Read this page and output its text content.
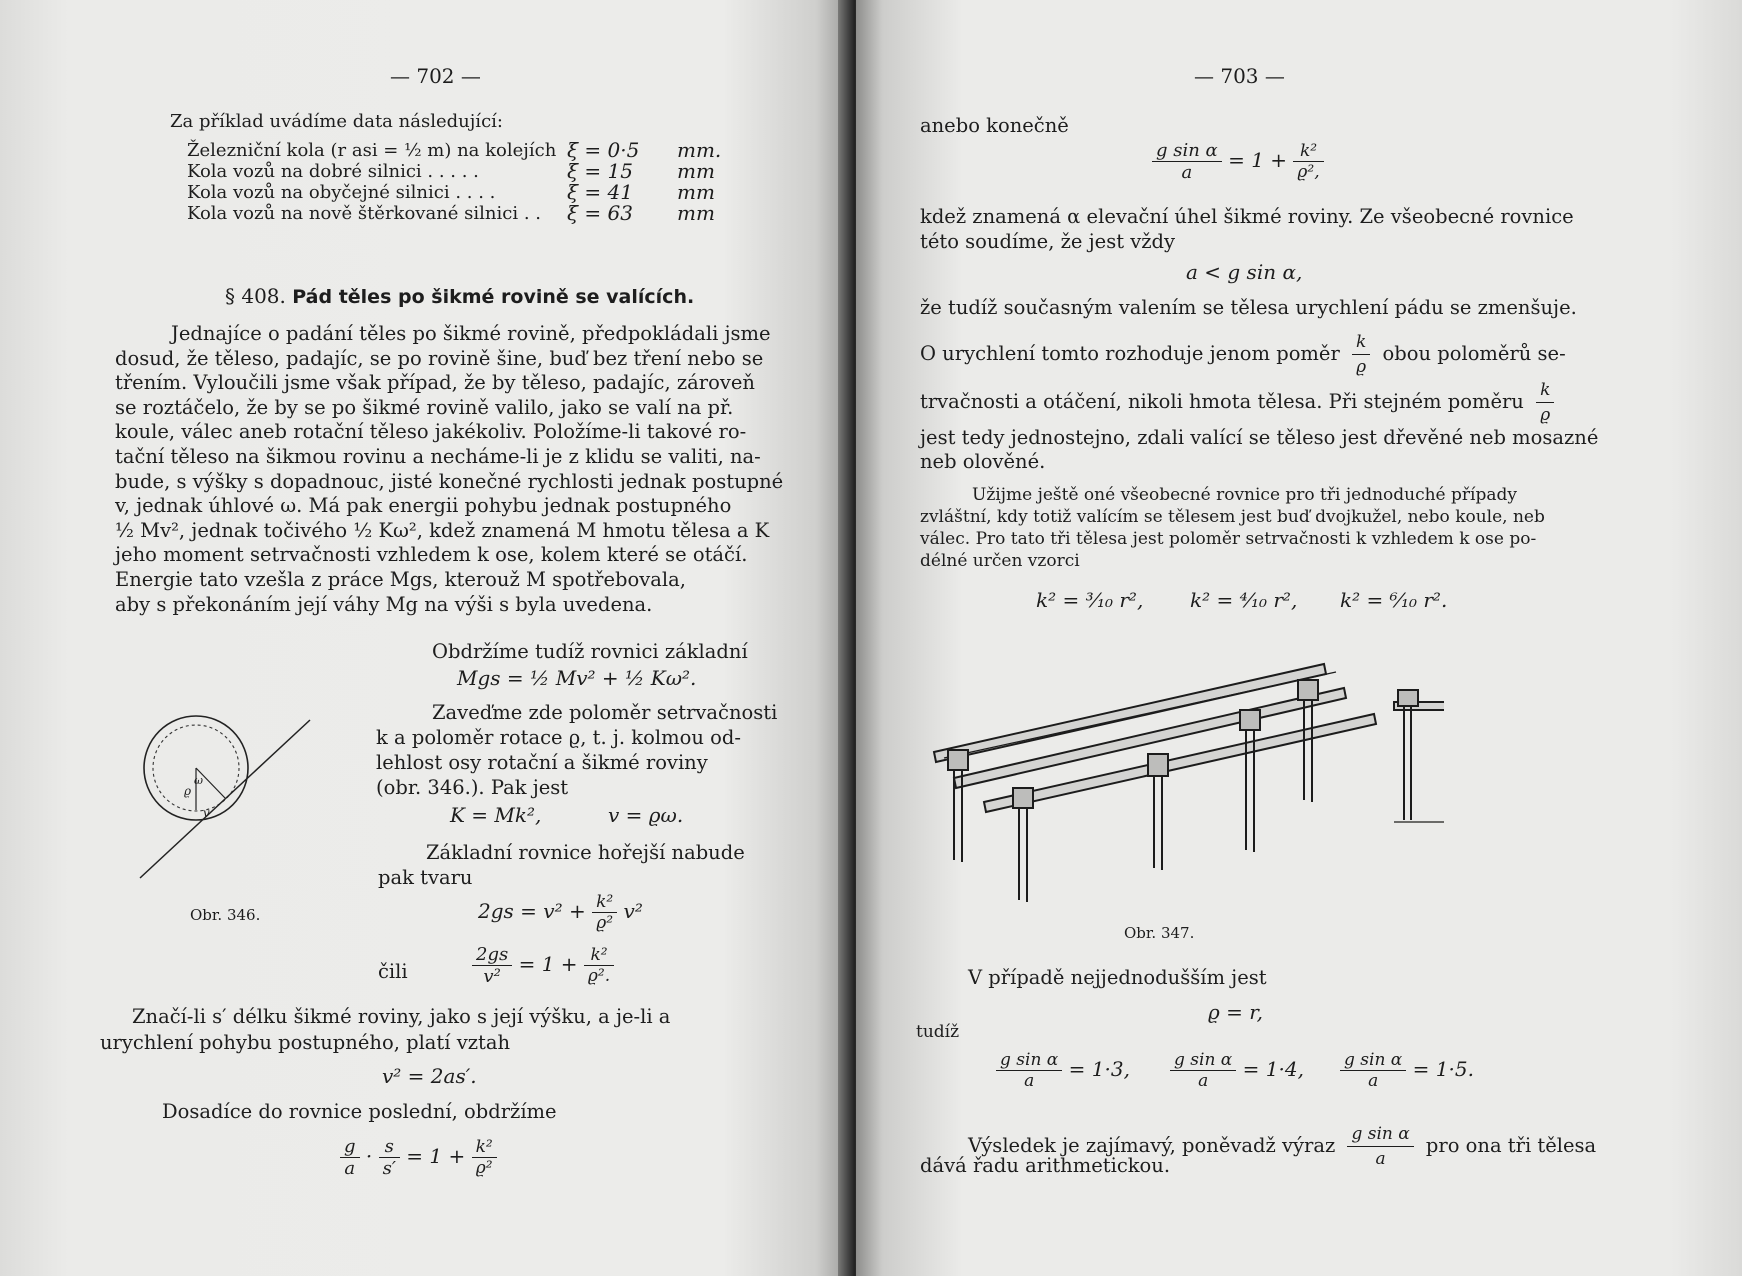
— 702 —
Za příklad uvádíme data následující:
Železniční kola (r asi = ½ m) na kolejích ξ = 0·5	mm.
Kola vozů na dobré silnici . . . . .	ξ = 15	mm
Kola vozů na obyčejné silnici . . . .	ξ = 41	mm
Kola vozů na nově štěrkované silnici . .	ξ = 63	mm
§ 408. Pád těles po šikmé rovině se valících.
Jednajíce o padání těles po šikmé rovině, předpokládali jsme
dosud, že těleso, padajíc, se po rovině šine, buď bez tření nebo se
třením. Vyloučili jsme však případ, že by těleso, padajíc, zároveň
se roztáčelo, že by se po šikmé rovině valilo, jako se valí na př.
koule, válec aneb rotační těleso jakékoliv. Položíme-li takové ro-
tační těleso na šikmou rovinu a necháme-li je z klidu se valiti, na-
bude, s výšky s dopadnouc, jisté konečné rychlosti jednak postupné
v, jednak úhlové ω. Má pak energii pohybu jednak postupného
½ Mv², jednak točivého ½ Kω², kdež znamená M hmotu tělesa a K
jeho moment setrvačnosti vzhledem k ose, kolem které se otáčí.
Energie tato vzešla z práce Mgs, kterouž M spotřebovala,
aby s překonáním její váhy Mg na výši s byla uvedena.
Obdržíme tudíž rovnici základní
Mgs = ½ Mv² + ½ Kω².
Zaveďme zde poloměr setrvačnosti
k a poloměr rotace ϱ, t. j. kolmou od-
lehlost osy rotační a šikmé roviny
(obr. 346.). Pak jest
K = Mk²,	v = ϱω.
Základní rovnice hořejší nabude
pak tvaru
ϱ
ω
v
Obr. 346.	$2gs = v^2 + \frac{\text{k²}}{\text{ϱ²}} v^2$
čili	$\frac{2gs}{\text{v²}} = 1 + \frac{\text{k²}}{\text{ϱ².}}$
Značí-li s′ délku šikmé roviny, jako s její výšku, a je-li a
urychlení pohybu postupného, platí vztah
v² = 2as′.
Dosadíce do rovnice poslední, obdržíme
$\frac{g}{a} \cdot \frac{s}{s'} = 1 + \frac{\text{k²}}{\text{ϱ²}}$
— 703 —
anebo konečně
$\frac{\text{g sin α}}{a} = 1 + \frac{\text{k²}}{\text{ϱ²,}}$
kdež znamená α elevační úhel šikmé roviny. Ze všeobecné rovnice
této soudíme, že jest vždy
a < g sin α,
že tudíž současným valením se tělesa urychlení pádu se zmenšuje.
O urychlení tomto rozhoduje jenom poměr $\frac{k}{ϱ}$ obou poloměrů se-
trvačnosti a otáčení, nikoli hmota tělesa. Při stejném poměru $\frac{k}{ϱ}$
jest tedy jednostejno, zdali valící se těleso jest dřevěné neb mosazné
neb olověné.
Užijme ještě oné všeobecné rovnice pro tři jednoduché případy
zvláštní, kdy totiž valícím se tělesem jest buď dvojkužel, nebo koule, neb
válec. Pro tato tři tělesa jest poloměr setrvačnosti k vzhledem k ose po-
délné určen vzorci
k² = ³⁄₁₀ r², k² = ⁴⁄₁₀ r², k² = ⁶⁄₁₀ r².
Obr. 347.
V případě nejjednodušším jest
ϱ = r,
tudíž
$\frac{\text{g sin α}}{a} = 1\cdot 3$, $\frac{\text{g sin α}}{a} = 1\cdot 4$, $\frac{\text{g sin α}}{a} = 1\cdot 5$.
Výsledek je zajímavý, poněvadž výraz $\frac{\text{g sin α}}{a}$ pro ona tři tělesa
dává řadu arithmetickou.
